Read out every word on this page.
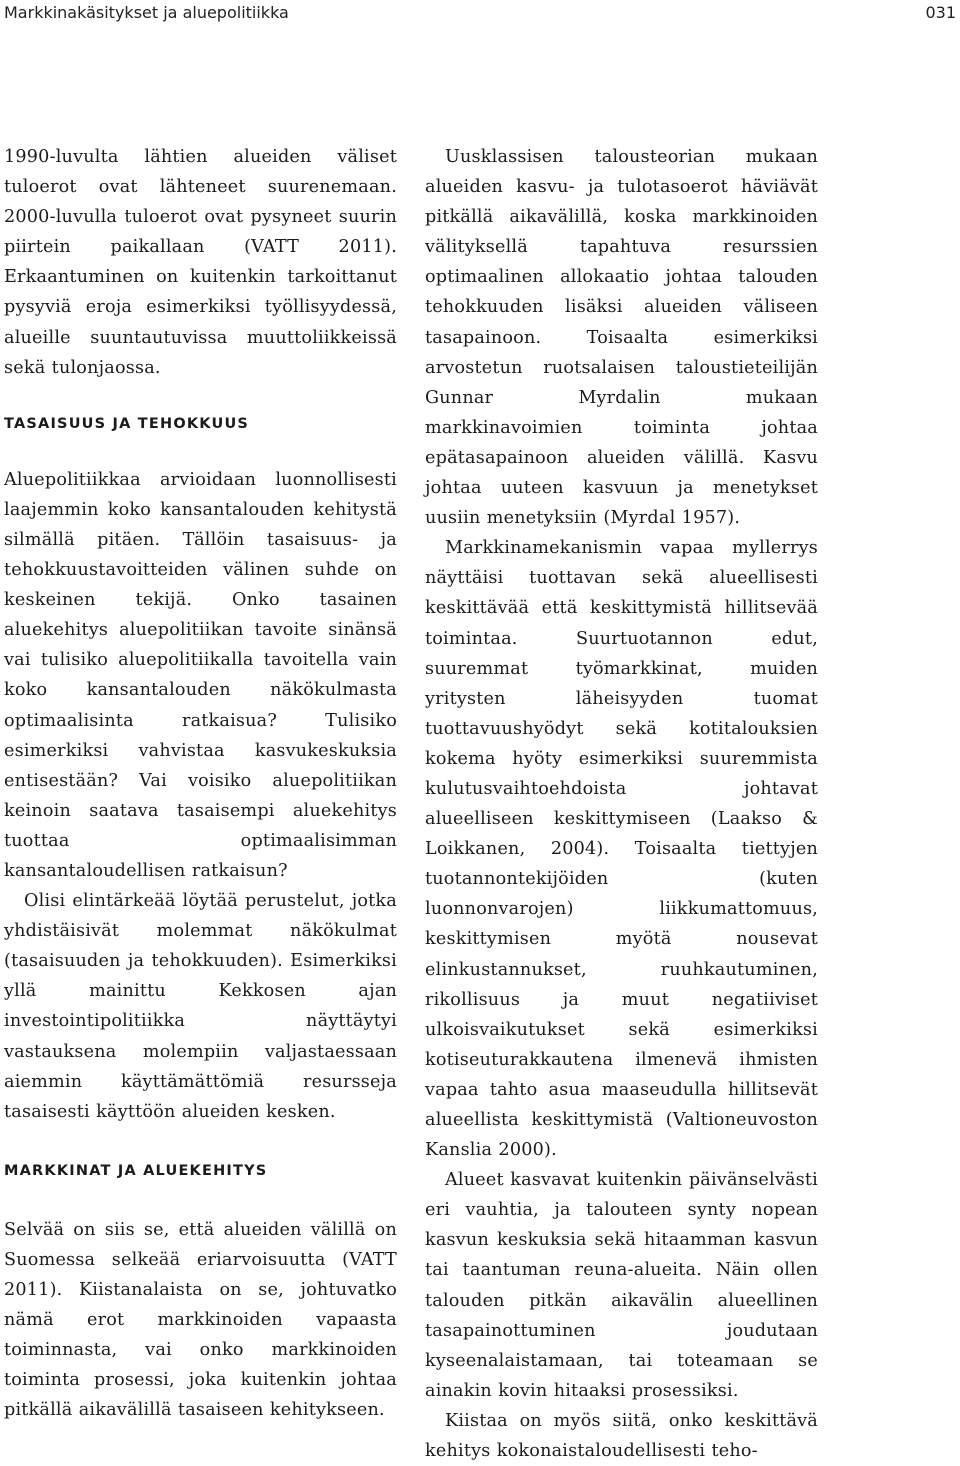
Markkinakäsitykset ja aluepolitiikka	031

1990-luvulta lähtien alueiden väliset tuloerot ovat lähteneet suurenemaan. 2000-luvulla tuloerot ovat pysyneet suurin piirtein paikallaan (VATT 2011). Erkaantuminen on kuitenkin tarkoittanut pysyviä eroja esimerkiksi työllisyydessä, alueille suuntautuvissa muuttoliikkeissä sekä tulonjaossa.

TASAISUUS JA TEHOKKUUS

Aluepolitiikkaa arvioidaan luonnollisesti laajemmin koko kansantalouden kehitystä silmällä pitäen. Tällöin tasaisuus- ja tehokkuustavoitteiden välinen suhde on keskeinen tekijä. Onko tasainen aluekehitys aluepolitiikan tavoite sinänsä vai tulisiko aluepolitiikalla tavoitella vain koko kansantalouden näkökulmasta optimaalisinta ratkaisua? Tulisiko esimerkiksi vahvistaa kasvukeskuksia entisestään? Vai voisiko aluepolitiikan keinoin saatava tasaisempi aluekehitys tuottaa optimaalisimman kansantaloudellisen ratkaisun?

Olisi elintärkeää löytää perustelut, jotka yhdistäisivät molemmat näkökulmat (tasaisuuden ja tehokkuuden). Esimerkiksi yllä mainittu Kekkosen ajan investointipolitiikka näyttäytyi vastauksena molempiin valjastaessaan aiemmin käyttämättömiä resursseja tasaisesti käyttöön alueiden kesken.

MARKKINAT JA ALUEKEHITYS

Selvää on siis se, että alueiden välillä on Suomessa selkeää eriarvoisuutta (VATT 2011). Kiistanalaista on se, johtuvatko nämä erot markkinoiden vapaasta toiminnasta, vai onko markkinoiden toiminta prosessi, joka kuitenkin johtaa pitkällä aikavälillä tasaiseen kehitykseen.

Uusklassisen talousteorian mukaan alueiden kasvu- ja tulotasoerot häviävät pitkällä aikavälillä, koska markkinoiden välityksellä tapahtuva resurssien optimaalinen allokaatio johtaa talouden tehokkuuden lisäksi alueiden väliseen tasapainoon. Toisaalta esimerkiksi arvostetun ruotsalaisen taloustieteilijän Gunnar Myrdalin mukaan markkinavoimien toiminta johtaa epätasapainoon alueiden välillä. Kasvu johtaa uuteen kasvuun ja menetykset uusiin menetyksiin (Myrdal 1957).

Markkinamekanismin vapaa myllerrys näyttäisi tuottavan sekä alueellisesti keskittävää että keskittymistä hillitsevää toimintaa. Suurtuotannon edut, suuremmat työmarkkinat, muiden yritysten läheisyyden tuomat tuottavuushyödyt sekä kotitalouksien kokema hyöty esimerkiksi suuremmista kulutusvaihtoehdoista johtavat alueelliseen keskittymiseen (Laakso & Loikkanen, 2004). Toisaalta tiettyjen tuotannontekijöiden (kuten luonnonvarojen) liikkumattomuus, keskittymisen myötä nousevat elinkustannukset, ruuhkautuminen, rikollisuus ja muut negatiiviset ulkoisvaikutukset sekä esimerkiksi kotiseuturakkautena ilmenevä ihmisten vapaa tahto asua maaseudulla hillitsevät alueellista keskittymistä (Valtioneuvoston Kanslia 2000).

Alueet kasvavat kuitenkin päivänselvästi eri vauhtia, ja talouteen synty nopean kasvun keskuksia sekä hitaamman kasvun tai taantuman reuna-alueita. Näin ollen talouden pitkän aikavälin alueellinen tasapainottuminen joudutaan kyseenalaistamaan, tai toteamaan se ainakin kovin hitaaksi prosessiksi.

Kiistaa on myös siitä, onko keskittävä kehitys kokonaistaloudellisesti teho-
